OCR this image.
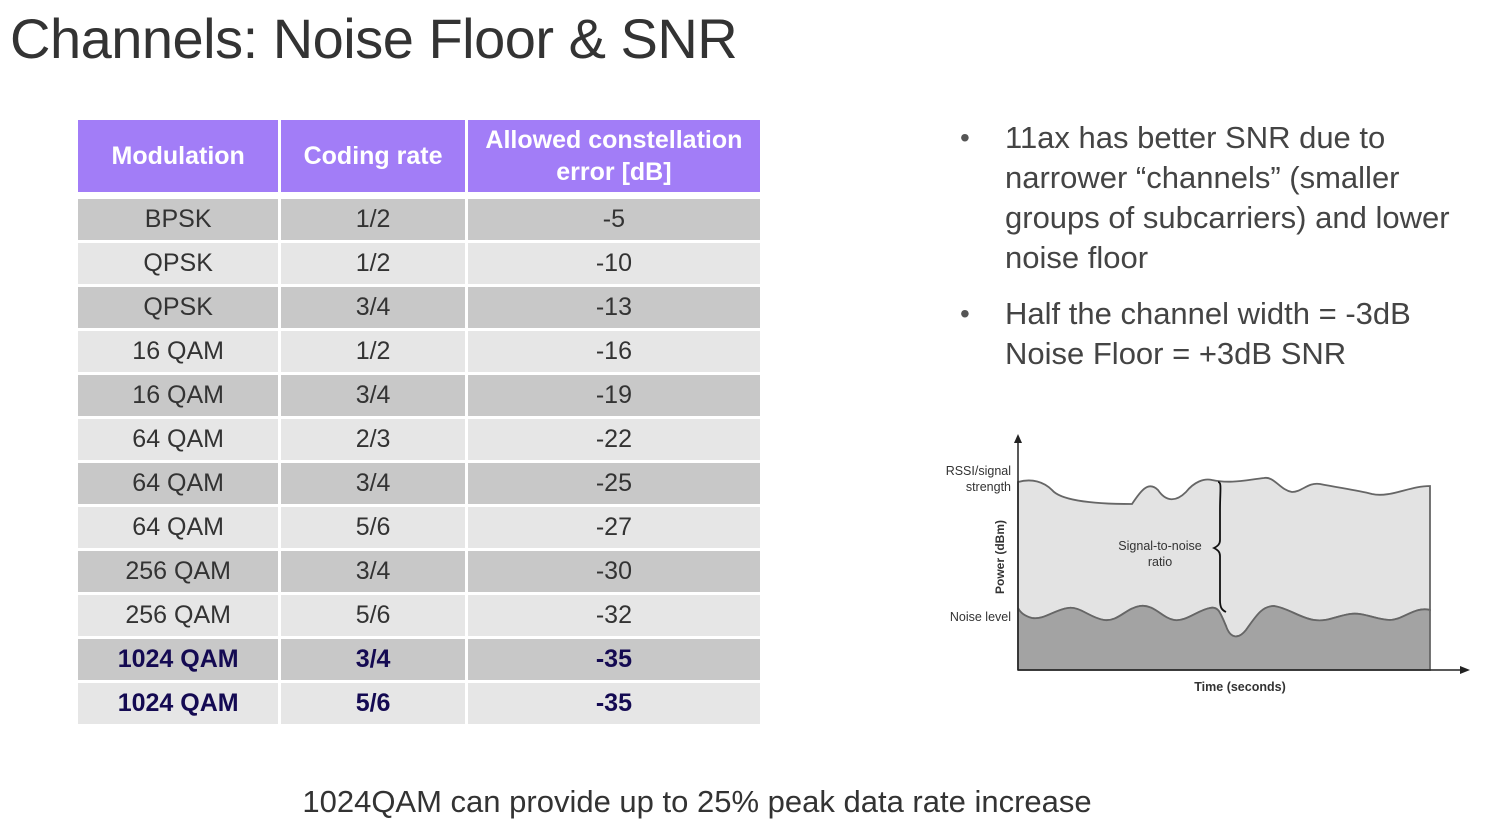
Channels: Noise Floor & SNR
Modulation	Coding rate	Allowed constellation error [dB]
BPSK	1/2	-5
QPSK	1/2	-10
QPSK	3/4	-13
16 QAM	1/2	-16
16 QAM	3/4	-19
64 QAM	2/3	-22
64 QAM	3/4	-25
64 QAM	5/6	-27
256 QAM	3/4	-30
256 QAM	5/6	-32
1024 QAM	3/4	-35
1024 QAM	5/6	-35
• 11ax has better SNR due to narrower “channels” (smaller groups of subcarriers) and lower noise floor
• Half the channel width = -3dB Noise Floor = +3dB SNR
RSSI/signal
strength
Noise level
Power (dBm)	Signal-to-noise
ratio
Time (seconds)
1024QAM can provide up to 25% peak data rate increase
